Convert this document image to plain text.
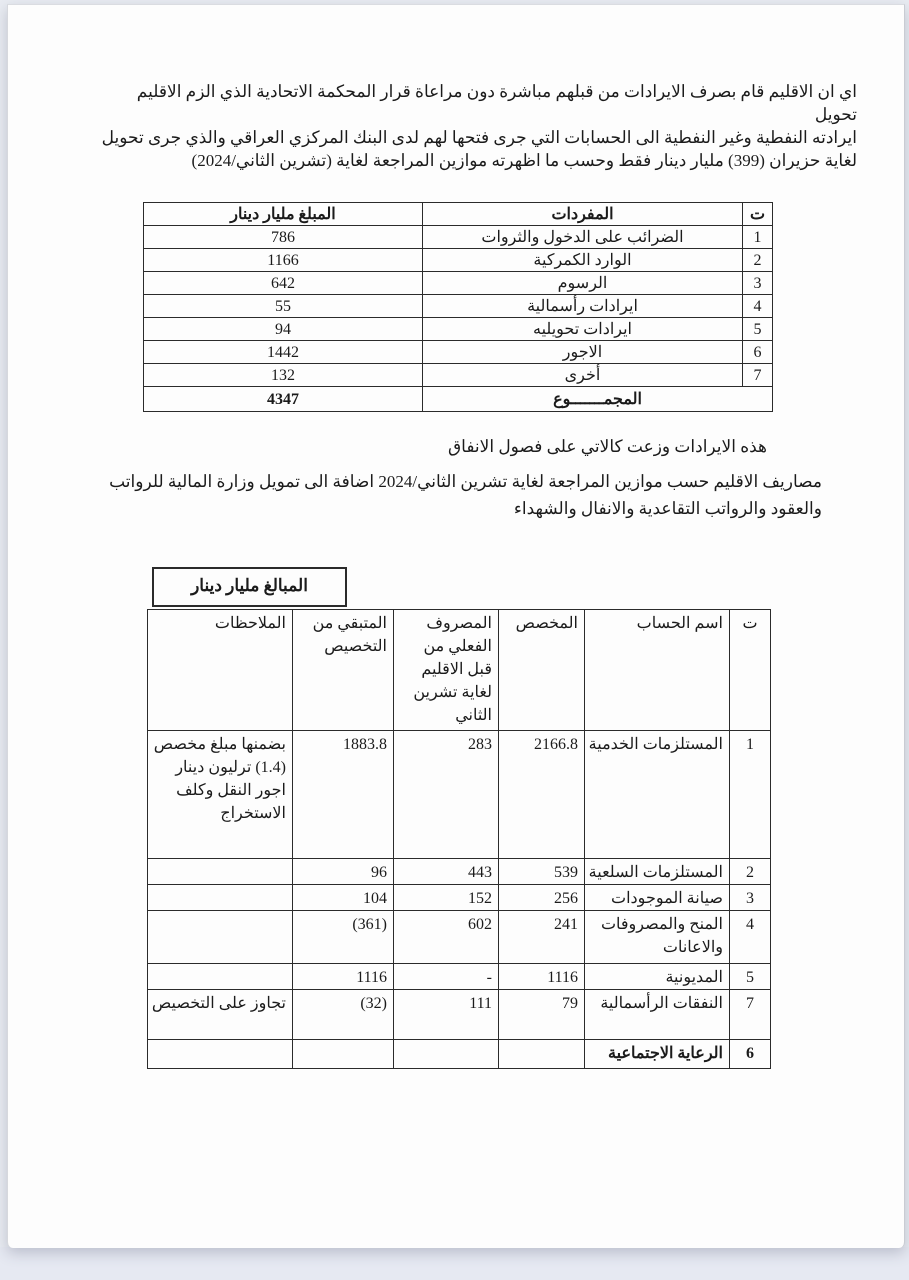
اي ان الاقليم قام بصرف الايرادات من قبلهم مباشرة دون مراعاة قرار المحكمة الاتحادية الذي الزم الاقليم تحويل
ايرادته النفطية وغير النفطية الى الحسابات التي جرى فتحها لهم لدى البنك المركزي العراقي والذي جرى تحويل
لغاية حزيران (399) مليار دينار فقط وحسب ما اظهرته موازين المراجعة لغاية (تشرين الثاني/2024)
ت	المفردات	المبلغ مليار دينار
1	الضرائب على الدخول والثروات	786
2	الوارد الكمركية	1166
3	الرسوم	642
4	ايرادات رأسمالية	55
5	ايرادات تحويليه	94
6	الاجور	1442
7	أخرى	132
المجمـــــــوع		4347
هذه الايرادات وزعت كالاتي على فصول الانفاق
مصاريف الاقليم حسب موازين المراجعة لغاية تشرين الثاني/2024 اضافة الى تمويل وزارة المالية للرواتب
والعقود والرواتب التقاعدية والانفال والشهداء
المبالغ مليار دينار
ت	اسم الحساب	المخصص	المصروف الفعلي من قبل الاقليم لغاية تشرين الثاني	المتبقي من التخصيص	الملاحظات
1	المستلزمات الخدمية	2166.8	283	1883.8	بضمنها مبلغ مخصص (1.4) ترليون دينار اجور النقل وكلف الاستخراج
2	المستلزمات السلعية	539	443	96	
3	صيانة الموجودات	256	152	104	
4	المنح والمصروفات والاعانات	241	602	(361)	
5	المديونية	1116	-	1116	
7	النفقات الرأسمالية	79	111	(32)	تجاوز على التخصيص
6	الرعاية الاجتماعية				
